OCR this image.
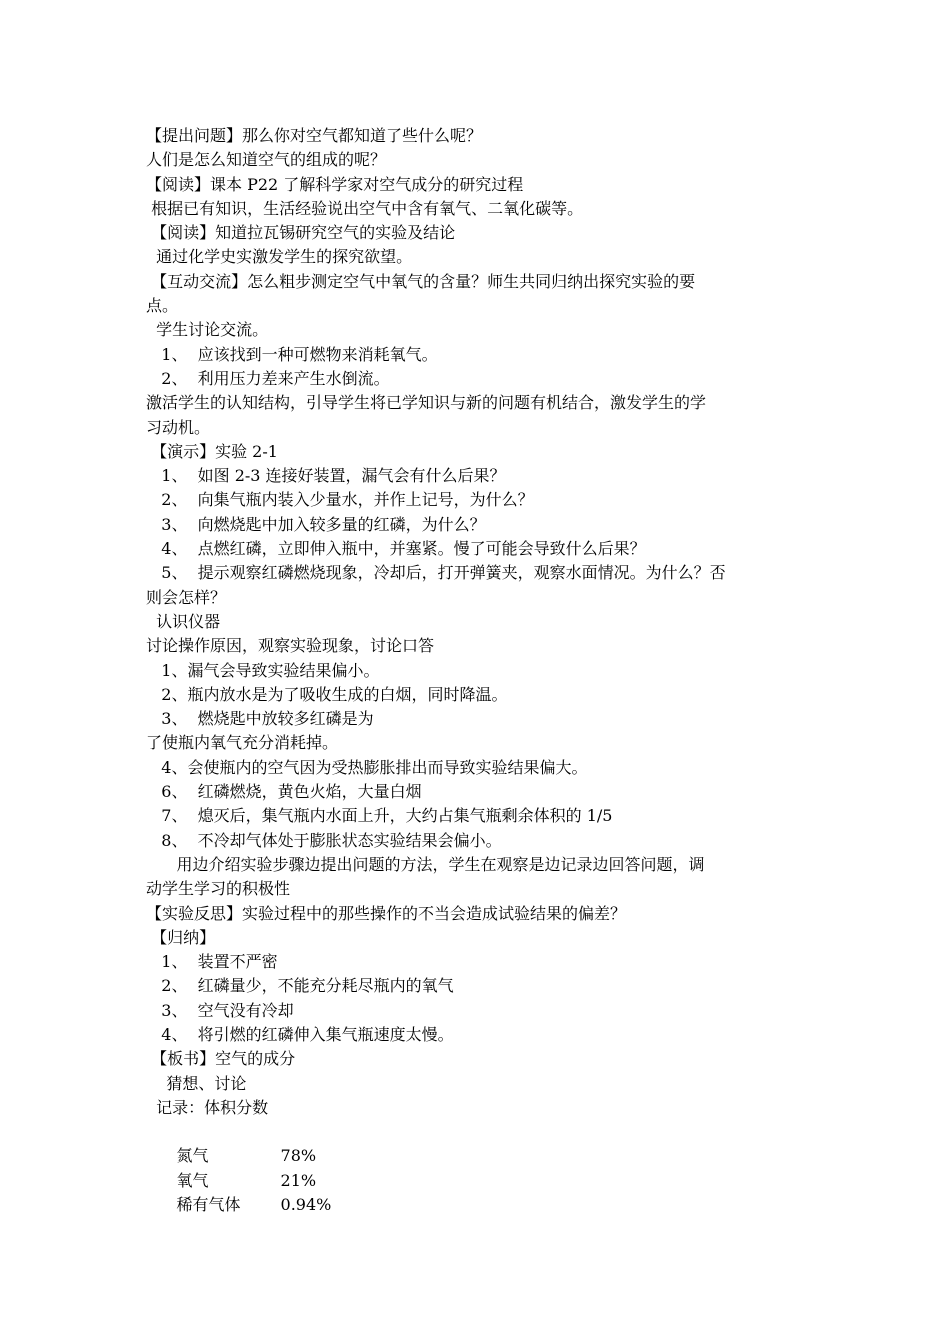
【提出问题】那么你对空气都知道了些什么呢？
人们是怎么知道空气的组成的呢？
【阅读】课本 P22 了解科学家对空气成分的研究过程
根据已有知识，生活经验说出空气中含有氧气、二氧化碳等。
【阅读】知道拉瓦锡研究空气的实验及结论
通过化学史实激发学生的探究欲望。
【互动交流】怎么粗步测定空气中氧气的含量？师生共同归纳出探究实验的要
点。
学生讨论交流。
1、  应该找到一种可燃物来消耗氧气。
2、  利用压力差来产生水倒流。
激活学生的认知结构，引导学生将已学知识与新的问题有机结合，激发学生的学
习动机。
【演示】实验 2-1
1、  如图 2-3 连接好装置，漏气会有什么后果？
2、  向集气瓶内装入少量水，并作上记号，为什么？
3、  向燃烧匙中加入较多量的红磷，为什么？
4、  点燃红磷，立即伸入瓶中，并塞紧。慢了可能会导致什么后果？
5、  提示观察红磷燃烧现象，冷却后，打开弹簧夹，观察水面情况。为什么？否
则会怎样？
认识仪器
讨论操作原因，观察实验现象，讨论口答
1、漏气会导致实验结果偏小。
2、瓶内放水是为了吸收生成的白烟，同时降温。
3、  燃烧匙中放较多红磷是为
了使瓶内氧气充分消耗掉。
4、会使瓶内的空气因为受热膨胀排出而导致实验结果偏大。
6、  红磷燃烧，黄色火焰，大量白烟
7、  熄灭后，集气瓶内水面上升，大约占集气瓶剩余体积的 1/5
8、  不冷却气体处于膨胀状态实验结果会偏小。
用边介绍实验步骤边提出问题的方法，学生在观察是边记录边回答问题，调
动学生学习的积极性
【实验反思】实验过程中的那些操作的不当会造成试验结果的偏差？
【归纳】
1、  装置不严密
2、  红磷量少，不能充分耗尽瓶内的氧气
3、  空气没有冷却
4、  将引燃的红磷伸入集气瓶速度太慢。
【板书】空气的成分
猜想、讨论
记录：体积分数

氮气	78%

氧气	21%

稀有气体 0.94%
